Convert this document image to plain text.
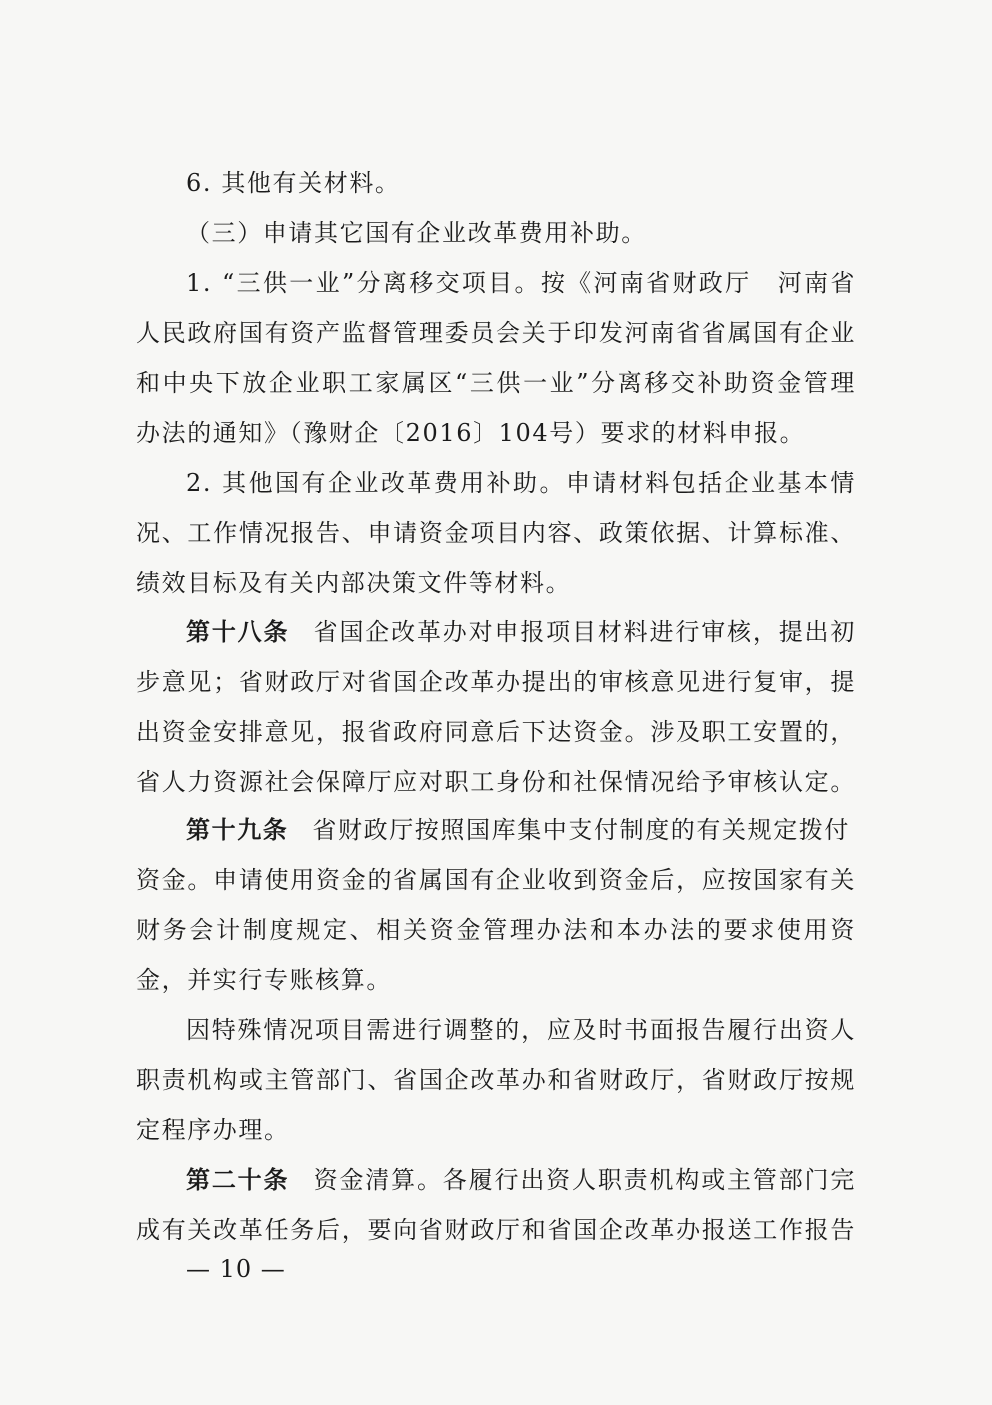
6. 其他有关材料。
（三）申请其它国有企业改革费用补助。
1. “三供一业”分离移交项目。按《河南省财政厅　河南省
人民政府国有资产监督管理委员会关于印发河南省省属国有企业
和中央下放企业职工家属区“三供一业”分离移交补助资金管理
办法的通知》（豫财企〔2016〕104号）要求的材料申报。
2. 其他国有企业改革费用补助。申请材料包括企业基本情
况、工作情况报告、申请资金项目内容、政策依据、计算标准、
绩效目标及有关内部决策文件等材料。
第十八条 省国企改革办对申报项目材料进行审核，提出初
步意见；省财政厅对省国企改革办提出的审核意见进行复审，提
出资金安排意见，报省政府同意后下达资金。涉及职工安置的，
省人力资源社会保障厅应对职工身份和社保情况给予审核认定。
第十九条 省财政厅按照国库集中支付制度的有关规定拨付
资金。申请使用资金的省属国有企业收到资金后，应按国家有关
财务会计制度规定、相关资金管理办法和本办法的要求使用资
金，并实行专账核算。
因特殊情况项目需进行调整的，应及时书面报告履行出资人
职责机构或主管部门、省国企改革办和省财政厅，省财政厅按规
定程序办理。
第二十条 资金清算。各履行出资人职责机构或主管部门完
成有关改革任务后，要向省财政厅和省国企改革办报送工作报告
— 10 —
